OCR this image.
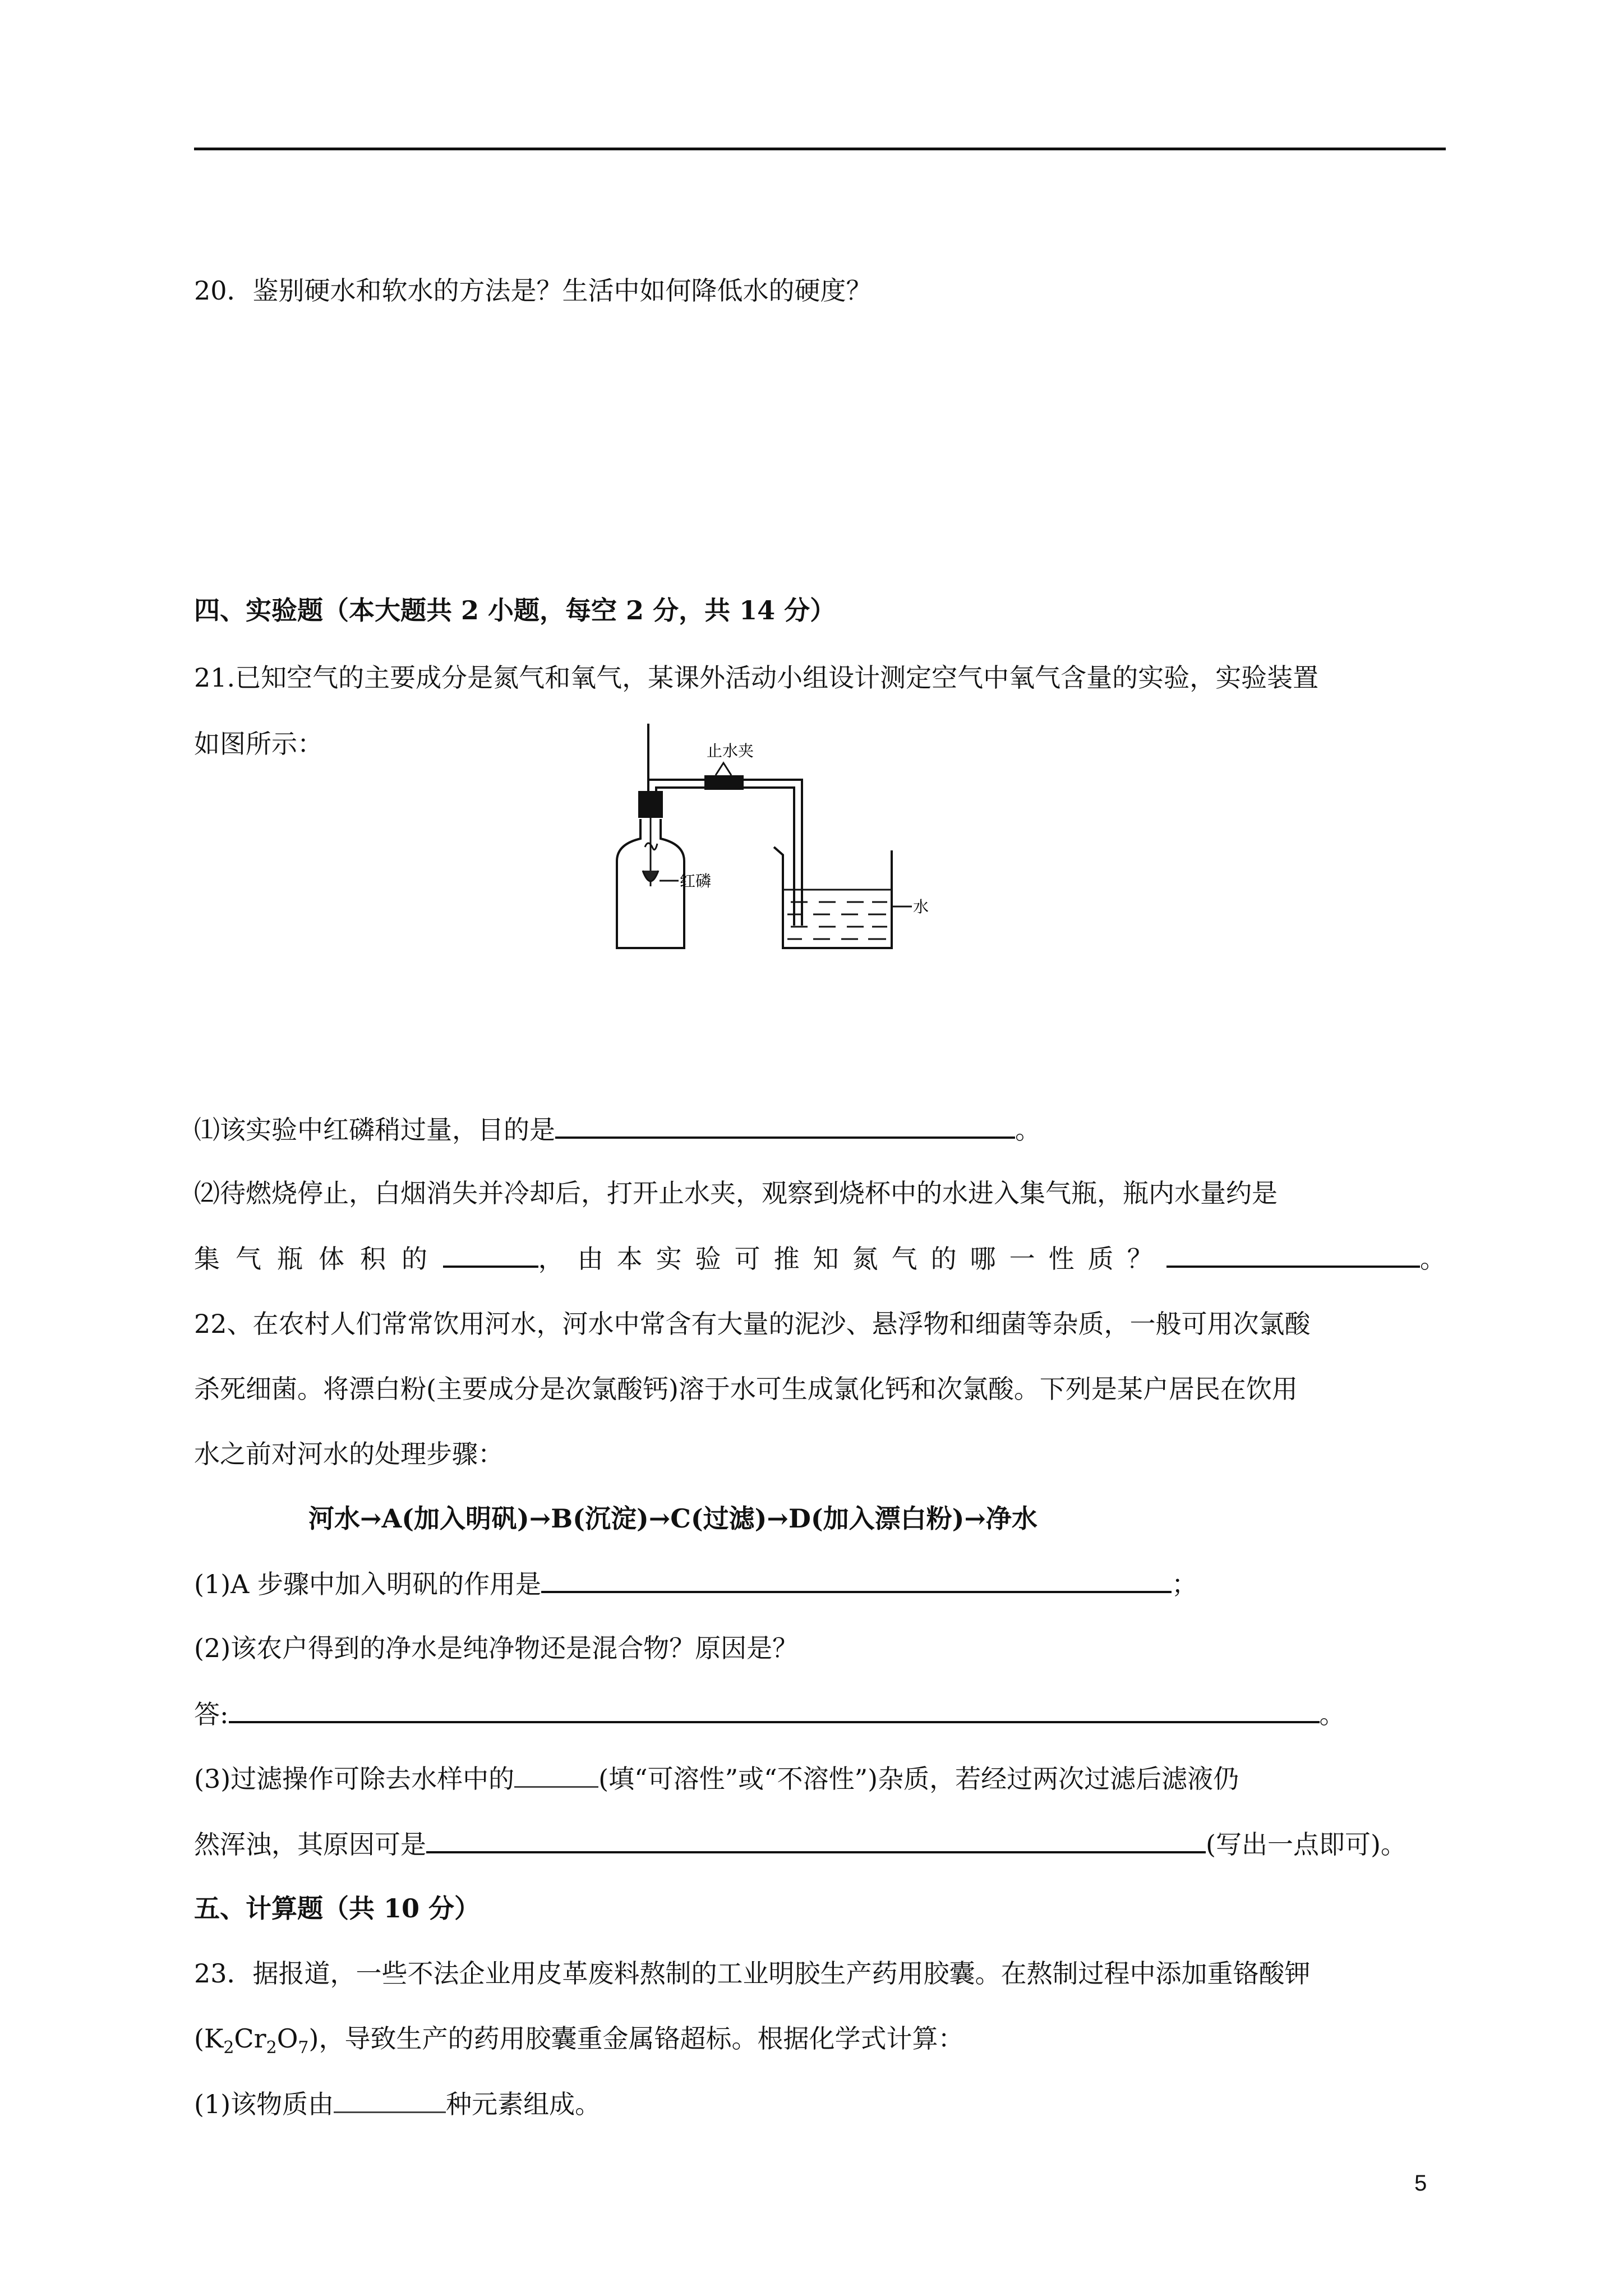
20．鉴别硬水和软水的方法是？生活中如何降低水的硬度？
四、实验题（本大题共 2 小题，每空 2 分，共 14 分）
21.已知空气的主要成分是氮气和氧气，某课外活动小组设计测定空气中氧气含量的实验，实验装置
如图所示：
红磷
止水夹
水
⑴该实验中红磷稍过量，目的是	。
⑵待燃烧停止，白烟消失并冷却后，打开止水夹，观察到烧杯中的水进入集气瓶，瓶内水量约是
集气瓶体积的	，由本实验可推知氮气的哪一性质？	。
22、在农村人们常常饮用河水，河水中常含有大量的泥沙、悬浮物和细菌等杂质，一般可用次氯酸
杀死细菌。将漂白粉(主要成分是次氯酸钙)溶于水可生成氯化钙和次氯酸。下列是某户居民在饮用
水之前对河水的处理步骤：
河水→A(加入明矾)→B(沉淀)→C(过滤)→D(加入漂白粉)→净水
(1)A 步骤中加入明矾的作用是	；
(2)该农户得到的净水是纯净物还是混合物？原因是？
答:	。
(3)过滤操作可除去水样中的	(填“可溶性”或“不溶性”)杂质，若经过两次过滤后滤液仍
然浑浊，其原因可是	(写出一点即可)。
五、计算题（共 10 分）
23．据报道，一些不法企业用皮革废料熬制的工业明胶生产药用胶囊。在熬制过程中添加重铬酸钾
$(K_2Cr_2O_7)$，导致生产的药用胶囊重金属铬超标。根据化学式计算：
(1)该物质由	种元素组成。
5
